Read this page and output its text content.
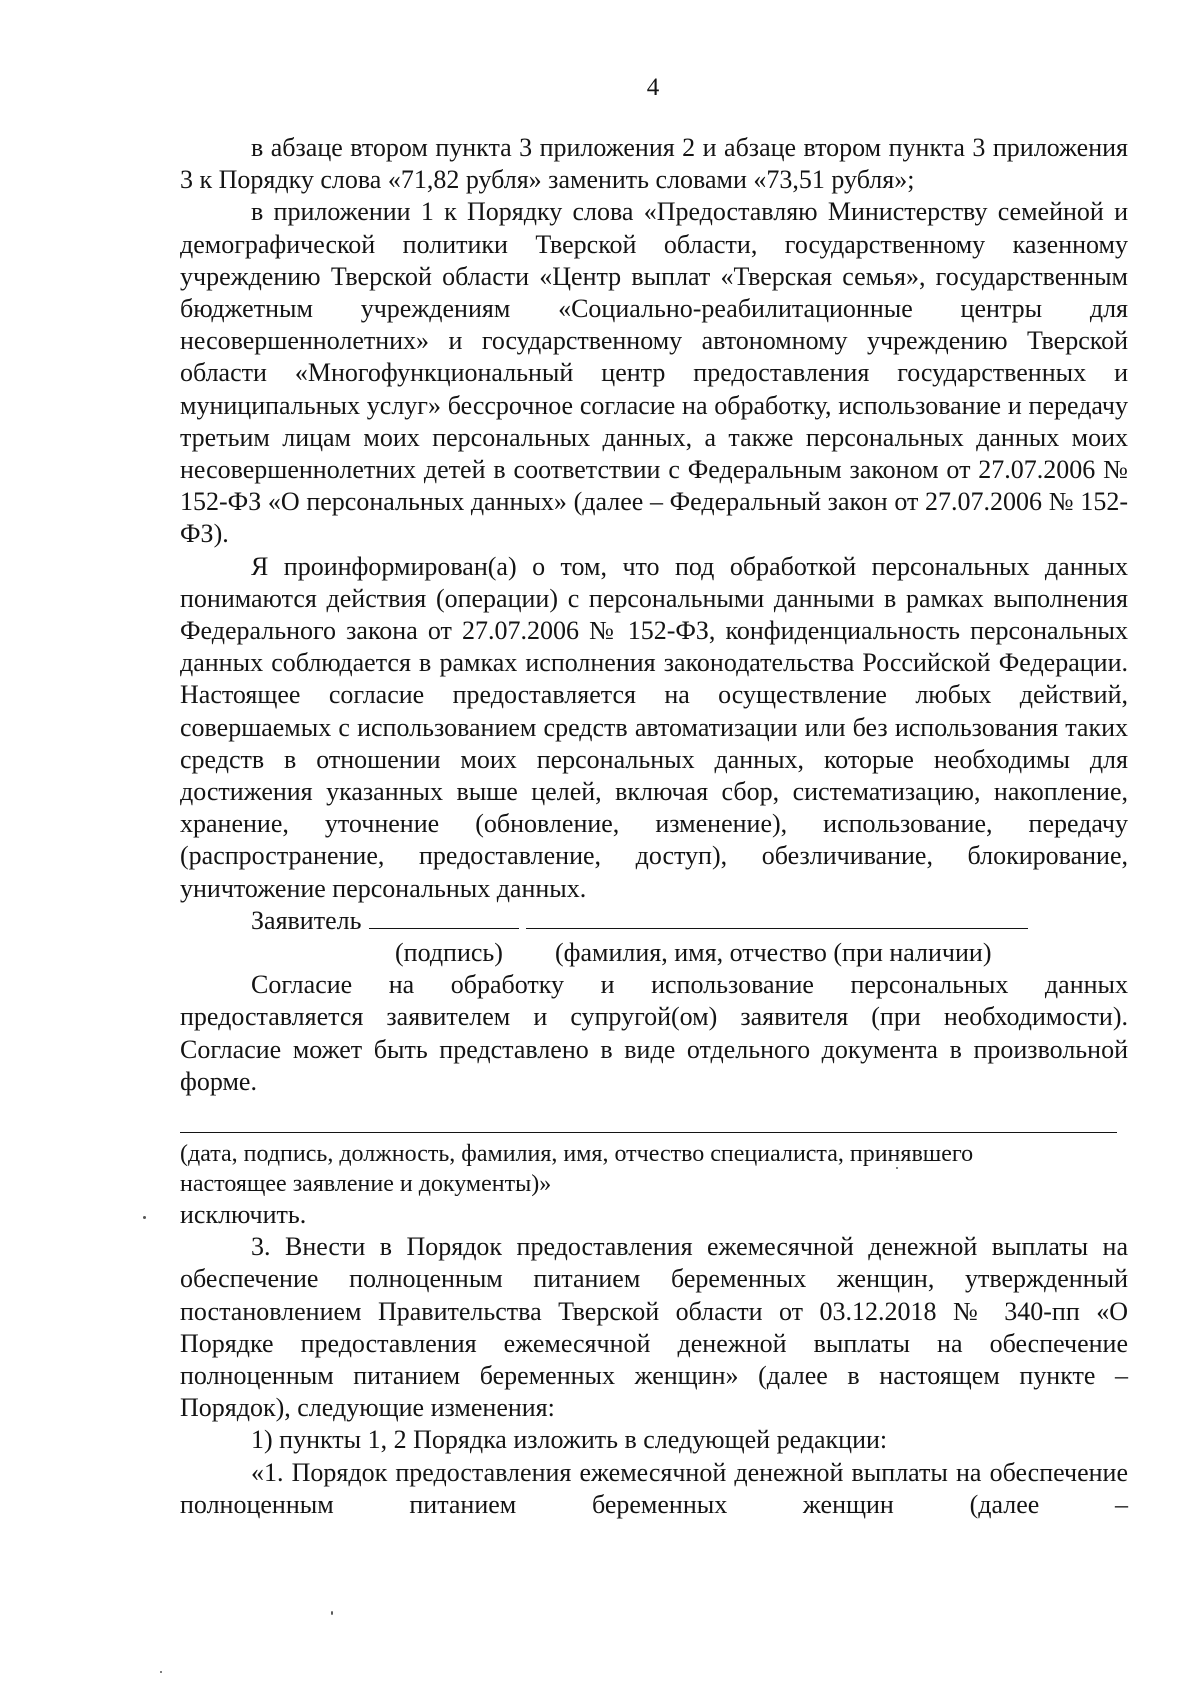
4

в абзаце втором пункта 3 приложения 2 и абзаце втором пункта 3 приложения 3 к Порядку слова «71,82 рубля» заменить словами «73,51 рубля»;

в приложении 1 к Порядку слова «Предоставляю Министерству семейной и демографической политики Тверской области, государственному казенному учреждению Тверской области «Центр выплат «Тверская семья», государственным бюджетным учреждениям «Социально-реабилитационные центры для несовершеннолетних» и государственному автономному учреждению Тверской области «Многофункциональный центр предоставления государственных и муниципальных услуг» бессрочное согласие на обработку, использование и передачу третьим лицам моих персональных данных, а также персональных данных моих несовершеннолетних детей в соответствии с Федеральным законом от 27.07.2006 № 152-ФЗ «О персональных данных» (далее – Федеральный закон от 27.07.2006 № 152-ФЗ).

Я проинформирован(а) о том, что под обработкой персональных данных понимаются действия (операции) с персональными данными в рамках выполнения Федерального закона от 27.07.2006 № 152-ФЗ, конфиденциальность персональных данных соблюдается в рамках исполнения законодательства Российской Федерации. Настоящее согласие предоставляется на осуществление любых действий, совершаемых с использованием средств автоматизации или без использования таких средств в отношении моих персональных данных, которые необходимы для достижения указанных выше целей, включая сбор, систематизацию, накопление, хранение, уточнение (обновление, изменение), использование, передачу (распространение, предоставление, доступ), обезличивание, блокирование, уничтожение персональных данных.

Заявитель
(подпись) (фамилия, имя, отчество (при наличии)

Согласие на обработку и использование персональных данных предоставляется заявителем и супругой(ом) заявителя (при необходимости). Согласие может быть представлено в виде отдельного документа в произвольной форме.

(дата, подпись, должность, фамилия, имя, отчество специалиста, принявшего
настоящее заявление и документы)»

исключить.

3. Внести в Порядок предоставления ежемесячной денежной выплаты на обеспечение полноценным питанием беременных женщин, утвержденный постановлением Правительства Тверской области от 03.12.2018 № 340-пп «О Порядке предоставления ежемесячной денежной выплаты на обеспечение полноценным питанием беременных женщин» (далее в настоящем пункте – Порядок), следующие изменения:

1) пункты 1, 2 Порядка изложить в следующей редакции:

«1. Порядок предоставления ежемесячной денежной выплаты на обеспечение полноценным питанием беременных женщин (далее –
